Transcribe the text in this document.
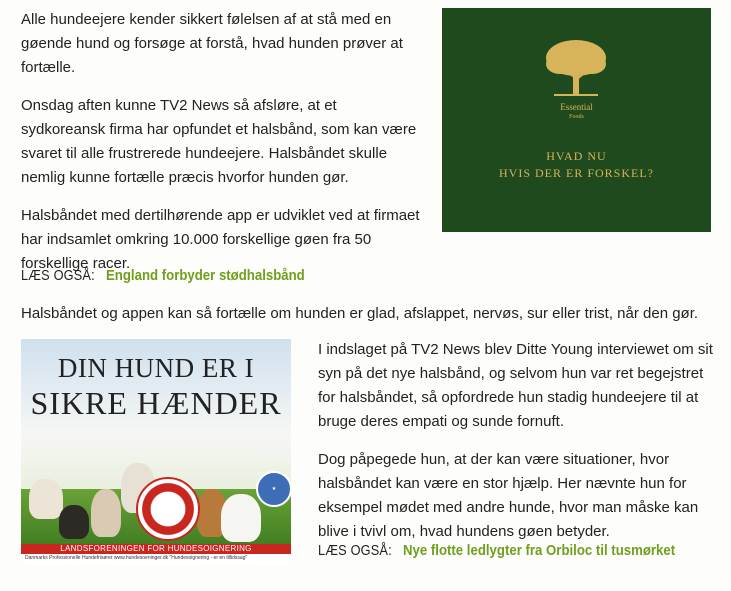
Alle hundeejere kender sikkert følelsen af at stå med en gøende hund og forsøge at forstå, hvad hunden prøver at fortælle.

Onsdag aften kunne TV2 News så afsløre, at et sydkoreansk firma har opfundet et halsbånd, som kan være svaret til alle frustrerede hundeejere. Halsbåndet skulle nemlig kunne fortælle præcis hvorfor hunden gør.

Halsbåndet med dertilhørende app er udviklet ved at firmaet har indsamlet omkring 10.000 forskellige gøen fra 50 forskellige racer.

Essential
Foods
HVAD NU
HVIS DER ER FORSKEL?
LÆS OGSÅ: England forbyder stødhalsbånd

Halsbåndet og appen kan så fortælle om hunden er glad, afslappet, nervøs, sur eller trist, når den gør.

DIN HUND ER I
SIKRE HÆNDER
★
LANDSFORENINGEN FOR HUNDESOIGNERING
Danmarks Professionelle Hundefrisører www.hundesoeninger.dk "Hundesoignering - er en tillidssag"

I indslaget på TV2 News blev Ditte Young interviewet om sit syn på det nye halsbånd, og selvom hun var ret begejstret for halsbåndet, så opfordrede hun stadig hundeejere til at bruge deres empati og sunde fornuft.

Dog påpegede hun, at der kan være situationer, hvor halsbåndet kan være en stor hjælp. Her nævnte hun for eksempel mødet med andre hunde, hvor man måske kan blive i tvivl om, hvad hundens gøen betyder.

LÆS OGSÅ: Nye flotte ledlygter fra Orbiloc til tusmørket
